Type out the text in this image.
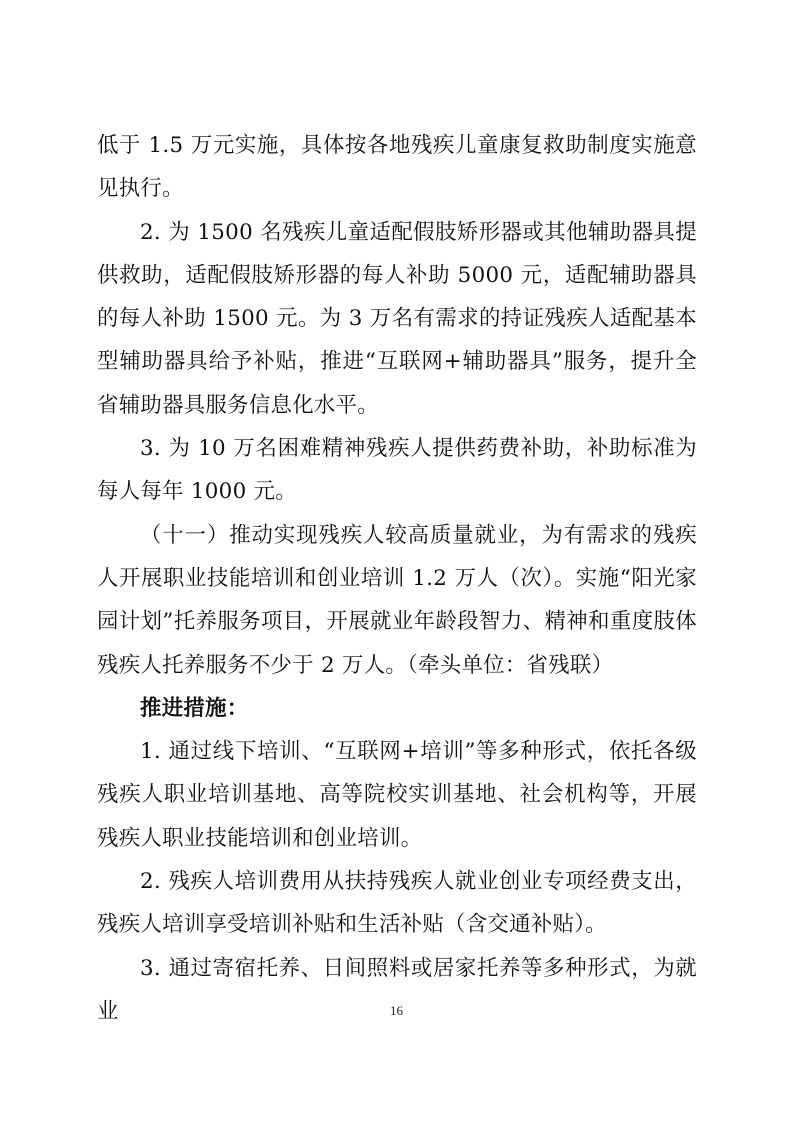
低于 1.5 万元实施，具体按各地残疾儿童康复救助制度实施意见执行。

2. 为 1500 名残疾儿童适配假肢矫形器或其他辅助器具提供救助，适配假肢矫形器的每人补助 5000 元，适配辅助器具的每人补助 1500 元。为 3 万名有需求的持证残疾人适配基本型辅助器具给予补贴，推进“互联网+辅助器具”服务，提升全省辅助器具服务信息化水平。

3. 为 10 万名困难精神残疾人提供药费补助，补助标准为每人每年 1000 元。

（十一）推动实现残疾人较高质量就业，为有需求的残疾人开展职业技能培训和创业培训 1.2 万人（次）。实施“阳光家园计划”托养服务项目，开展就业年龄段智力、精神和重度肢体残疾人托养服务不少于 2 万人。（牵头单位：省残联）

推进措施：

1. 通过线下培训、“互联网+培训”等多种形式，依托各级残疾人职业培训基地、高等院校实训基地、社会机构等，开展残疾人职业技能培训和创业培训。

2. 残疾人培训费用从扶持残疾人就业创业专项经费支出，残疾人培训享受培训补贴和生活补贴（含交通补贴）。

3. 通过寄宿托养、日间照料或居家托养等多种形式，为就业	16
